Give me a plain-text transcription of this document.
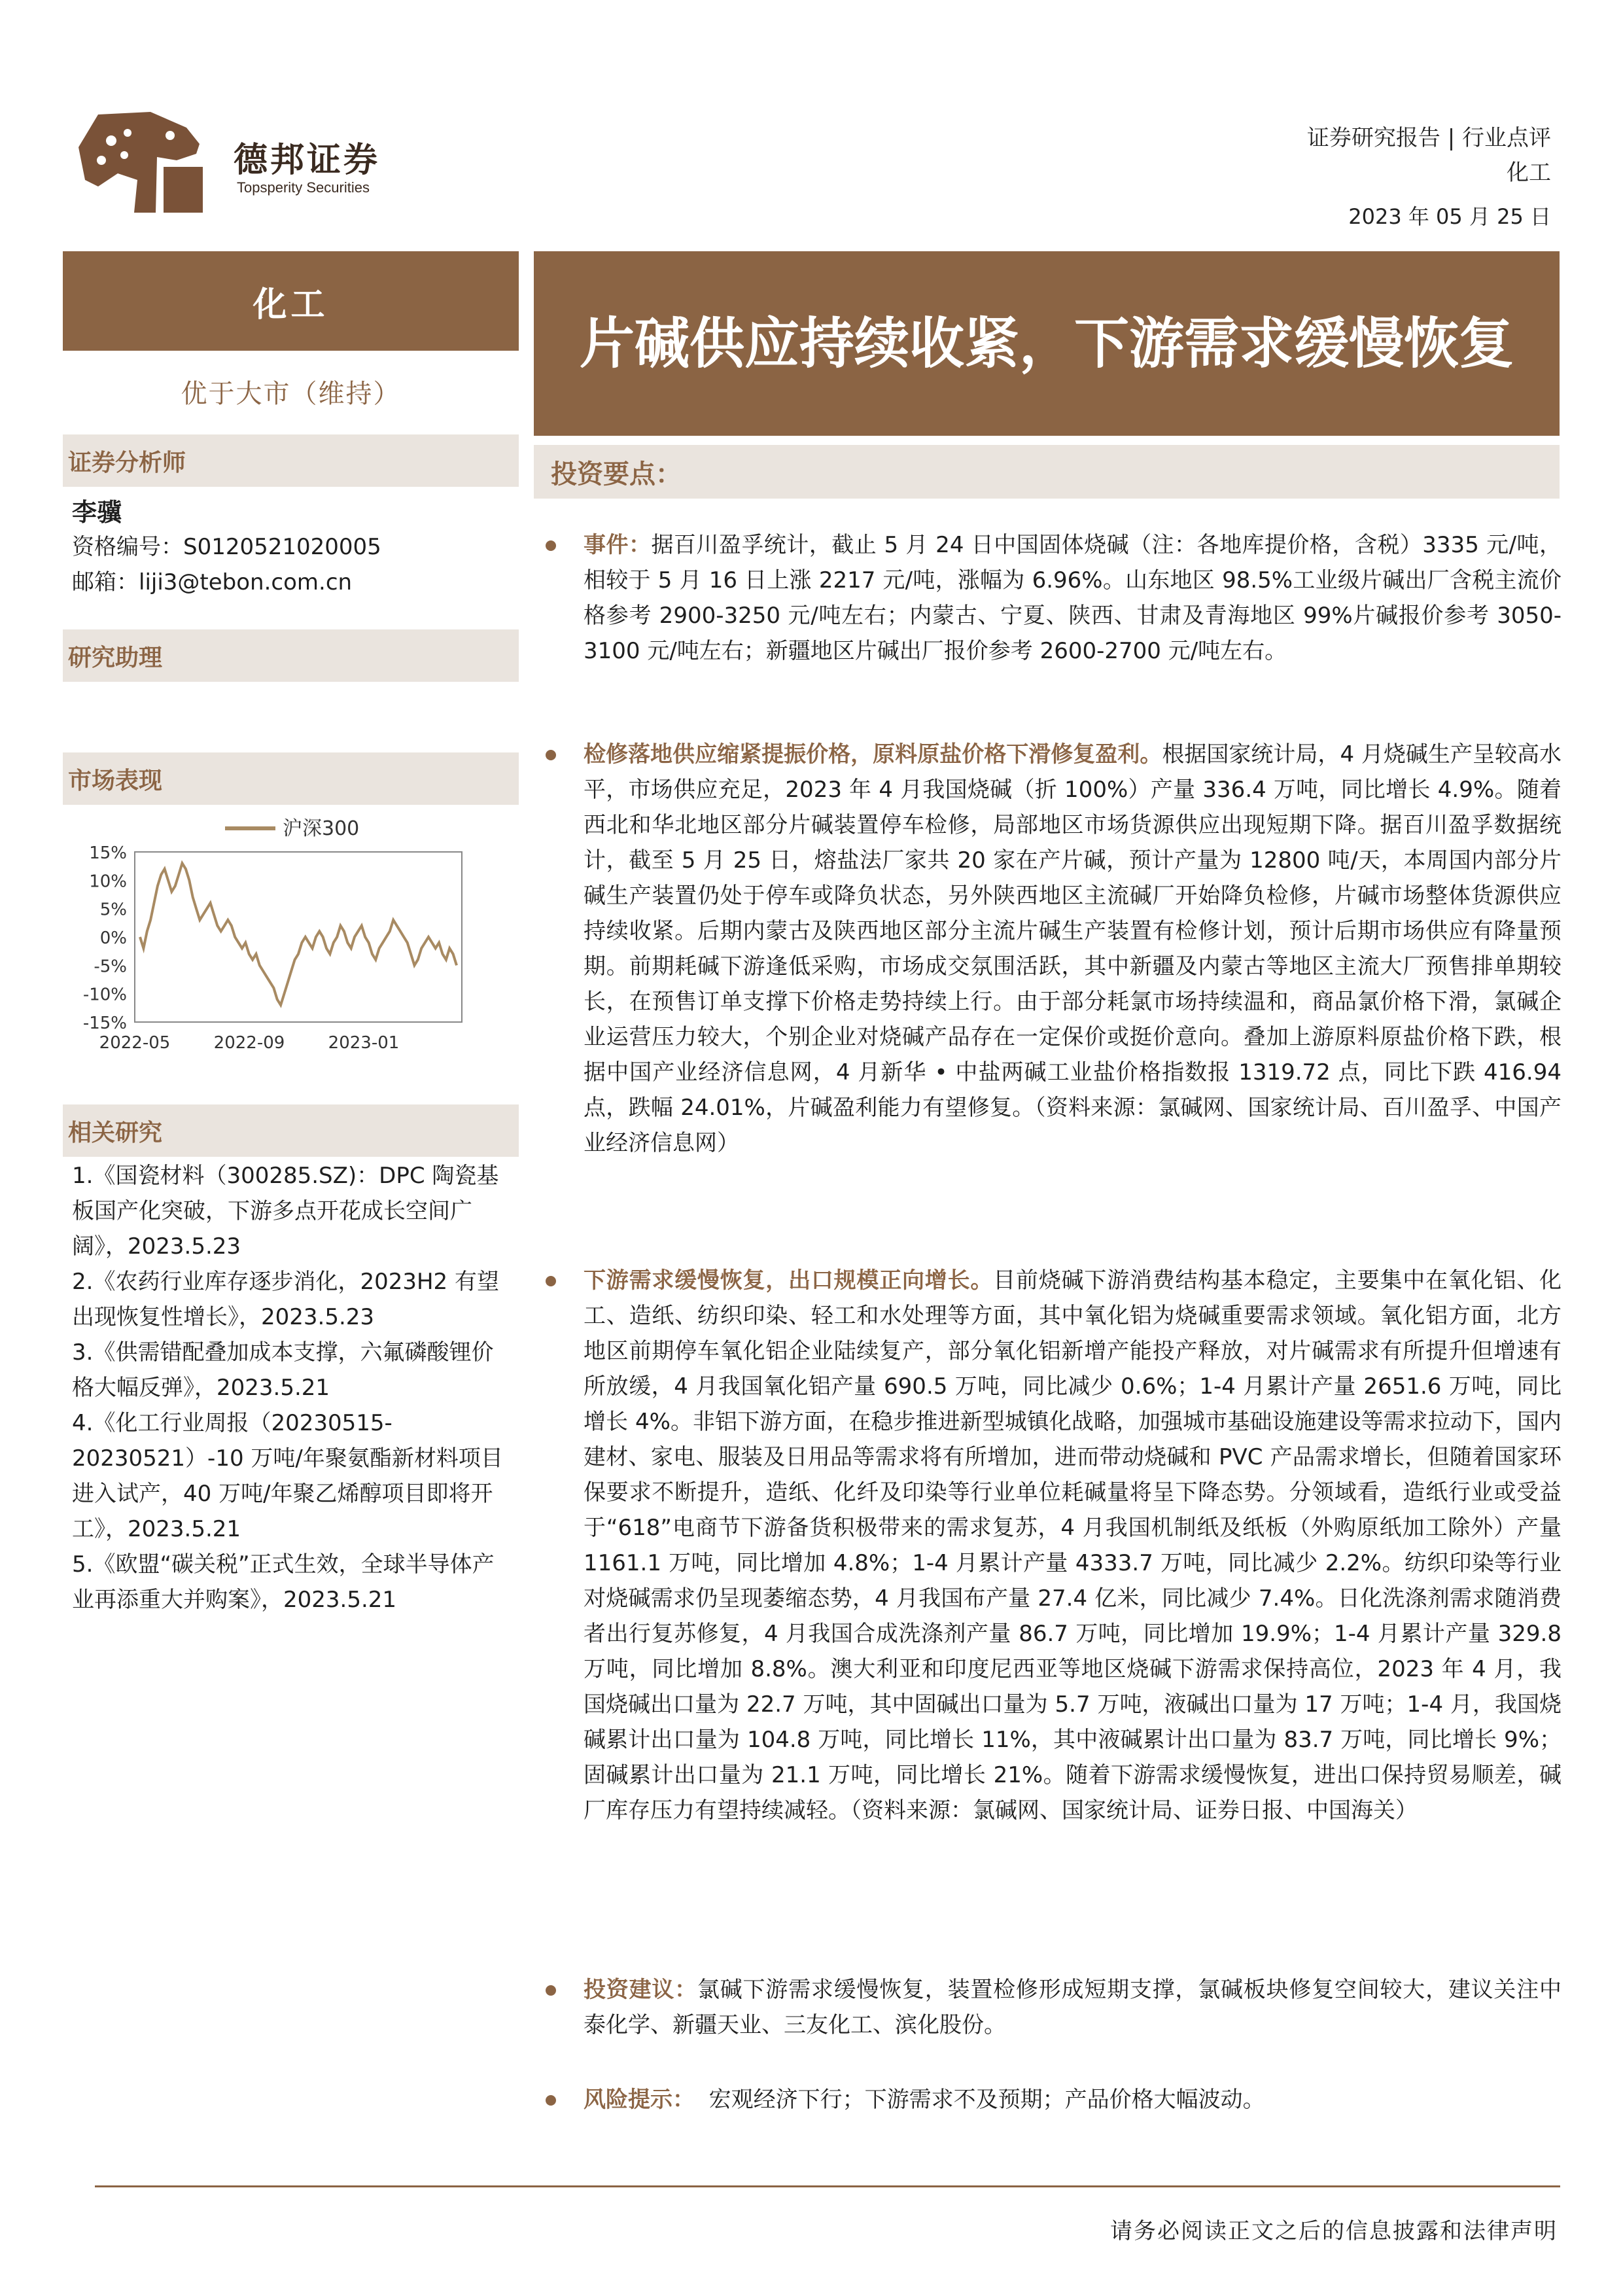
德邦证券
Topsperity Securities
证券研究报告 | 行业点评
化工
2023 年 05 月 25 日
化工
优于大市（维持）
片碱供应持续收紧，下游需求缓慢恢复
证券分析师
李骥
资格编号：S0120521020005
邮箱：liji3@tebon.com.cn
研究助理
市场表现
沪深300
15%
10%
5%
0%
-5%
-10%
-15%
2022-05	2022-09	2023-01
相关研究
1.《国瓷材料（300285.SZ)：DPC 陶瓷基板国产化突破，下游多点开花成长空间广阔》，2023.5.23
2.《农药行业库存逐步消化，2023H2 有望出现恢复性增长》，2023.5.23
3.《供需错配叠加成本支撑，六氟磷酸锂价格大幅反弹》，2023.5.21
4.《化工行业周报（20230515-20230521）-10 万吨/年聚氨酯新材料项目进入试产，40 万吨/年聚乙烯醇项目即将开工》，2023.5.21
5.《欧盟“碳关税”正式生效，全球半导体产业再添重大并购案》，2023.5.21
投资要点：
事件：据百川盈孚统计，截止 5 月 24 日中国固体烧碱（注：各地库提价格，含税）3335 元/吨，相较于 5 月 16 日上涨 2217 元/吨，涨幅为 6.96%。山东地区 98.5%工业级片碱出厂含税主流价格参考 2900-3250 元/吨左右；内蒙古、宁夏、陕西、甘肃及青海地区 99%片碱报价参考 3050-3100 元/吨左右；新疆地区片碱出厂报价参考 2600-2700 元/吨左右。
检修落地供应缩紧提振价格，原料原盐价格下滑修复盈利。根据国家统计局，4 月烧碱生产呈较高水平，市场供应充足，2023 年 4 月我国烧碱（折 100%）产量 336.4 万吨，同比增长 4.9%。随着西北和华北地区部分片碱装置停车检修，局部地区市场货源供应出现短期下降。据百川盈孚数据统计，截至 5 月 25 日，熔盐法厂家共 20 家在产片碱，预计产量为 12800 吨/天，本周国内部分片碱生产装置仍处于停车或降负状态，另外陕西地区主流碱厂开始降负检修，片碱市场整体货源供应持续收紧。后期内蒙古及陕西地区部分主流片碱生产装置有检修计划，预计后期市场供应有降量预期。前期耗碱下游逢低采购，市场成交氛围活跃，其中新疆及内蒙古等地区主流大厂预售排单期较长，在预售订单支撑下价格走势持续上行。由于部分耗氯市场持续温和，商品氯价格下滑，氯碱企业运营压力较大，个别企业对烧碱产品存在一定保价或挺价意向。叠加上游原料原盐价格下跌，根据中国产业经济信息网，4 月新华 • 中盐两碱工业盐价格指数报 1319.72 点，同比下跌 416.94 点，跌幅 24.01%，片碱盈利能力有望修复。（资料来源：氯碱网、国家统计局、百川盈孚、中国产业经济信息网）
下游需求缓慢恢复，出口规模正向增长。目前烧碱下游消费结构基本稳定，主要集中在氧化铝、化工、造纸、纺织印染、轻工和水处理等方面，其中氧化铝为烧碱重要需求领域。氧化铝方面，北方地区前期停车氧化铝企业陆续复产，部分氧化铝新增产能投产释放，对片碱需求有所提升但增速有所放缓，4 月我国氧化铝产量 690.5 万吨，同比减少 0.6%；1-4 月累计产量 2651.6 万吨，同比增长 4%。非铝下游方面，在稳步推进新型城镇化战略，加强城市基础设施建设等需求拉动下，国内建材、家电、服装及日用品等需求将有所增加，进而带动烧碱和 PVC 产品需求增长，但随着国家环保要求不断提升，造纸、化纤及印染等行业单位耗碱量将呈下降态势。分领域看，造纸行业或受益于“618”电商节下游备货积极带来的需求复苏，4 月我国机制纸及纸板（外购原纸加工除外）产量 1161.1 万吨，同比增加 4.8%；1-4 月累计产量 4333.7 万吨，同比减少 2.2%。纺织印染等行业对烧碱需求仍呈现萎缩态势，4 月我国布产量 27.4 亿米，同比减少 7.4%。日化洗涤剂需求随消费者出行复苏修复，4 月我国合成洗涤剂产量 86.7 万吨，同比增加 19.9%；1-4 月累计产量 329.8 万吨，同比增加 8.8%。澳大利亚和印度尼西亚等地区烧碱下游需求保持高位，2023 年 4 月，我国烧碱出口量为 22.7 万吨，其中固碱出口量为 5.7 万吨，液碱出口量为 17 万吨；1-4 月，我国烧碱累计出口量为 104.8 万吨，同比增长 11%，其中液碱累计出口量为 83.7 万吨，同比增长 9%；固碱累计出口量为 21.1 万吨，同比增长 21%。随着下游需求缓慢恢复，进出口保持贸易顺差，碱厂库存压力有望持续减轻。（资料来源：氯碱网、国家统计局、证券日报、中国海关）
投资建议：氯碱下游需求缓慢恢复，装置检修形成短期支撑，氯碱板块修复空间较大，建议关注中泰化学、新疆天业、三友化工、滨化股份。
风险提示：  宏观经济下行；下游需求不及预期；产品价格大幅波动。
请务必阅读正文之后的信息披露和法律声明
